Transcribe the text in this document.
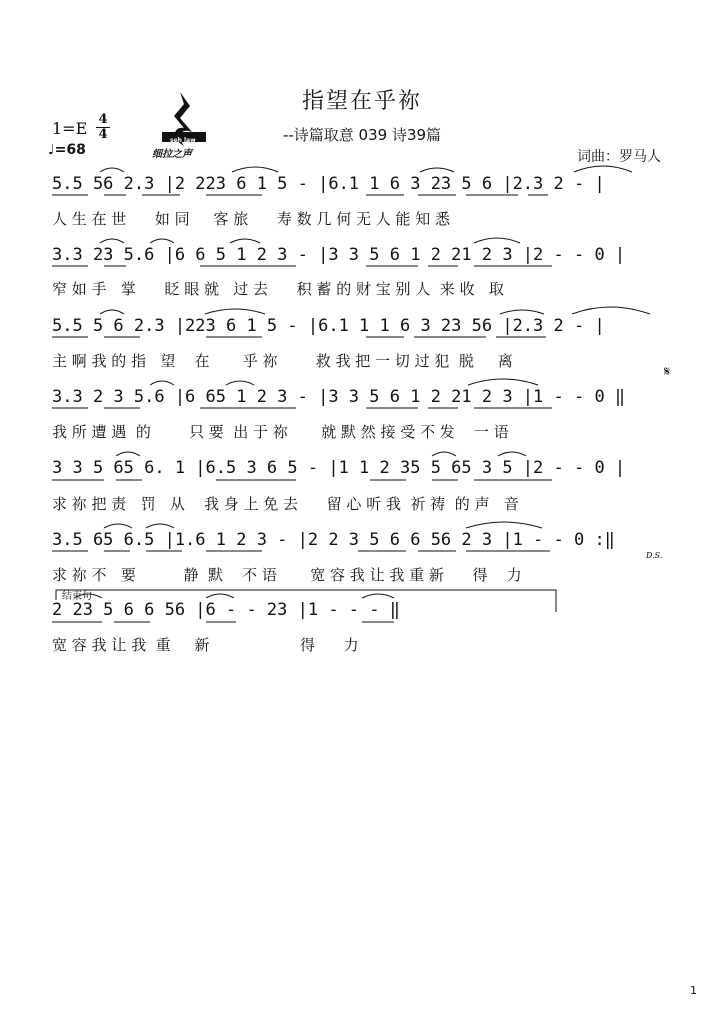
指望在乎祢
--诗篇取意 039 诗39篇
1=E 4
4
♩=68	词曲：罗马人
seh law
细拉之声
5.5 56 2.3 |2 223 6 1 5 - |6.1 1 6 3 23 5 6 |2.3 2 - |
人 生 在 世      如 同     客 旅      寿 数 几 何 无 人 能 知 悉
3.3 23 5.6 |6 6 5 1 2 3 - |3 3 5 6 1 2 21 2 3 |2 - - 0 |
窄 如 手   掌      眨 眼 就   过 去      积 蓄 的 财 宝 别 人  来 收   取
5.5 5 6 2.3 |223 6 1 5 - |6.1 1 1 6 3 23 56 |2.3 2 - |
主 啊 我 的 指   望    在       乎 祢        救 我 把 一 切 过 犯  脱     离
3.3 2 3 5.6 |6 65 1 2 3 - |3 3 5 6 1 2 21 2 3 |1 - - 0 ‖
我 所 遭 遇  的        只 要  出 于 祢       就 默 然 接 受 不 发    一 语
3 3 5 65 6. 1 |6.5 3 6 5 - |1 1 2 35 5 65 3 5 |2 - - 0 |
求 祢 把 责   罚   从    我 身 上 免 去      留 心 听 我  祈 祷  的 声   音
3.5 65 6.5 |1.6 1 2 3 - |2 2 3 5 6 6 56 2 3 |1 - - 0 :‖
求 祢 不   要          静  默    不 语       宽 容 我 让 我 重 新      得    力
结束句
2 23 5 6 6 56 |6 - - 23 |1 - - - ‖
宽 容 我 让 我  重     新                   得      力
D.S.
𝄋
1
